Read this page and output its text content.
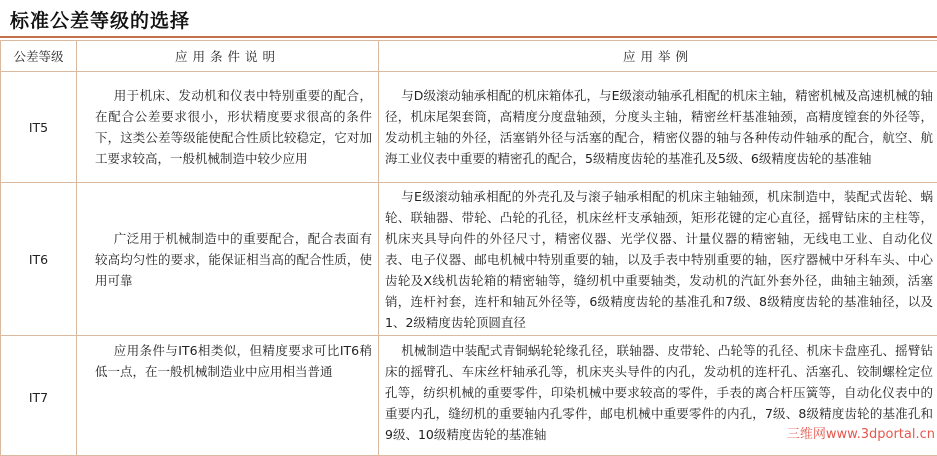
标准公差等级的选择
公差等级	应用条件说明	应用举例
IT5	用于机床、发动机和仪表中特别重要的配合，在配合公差要求很小，形状精度要求很高的条件下，这类公差等级能使配合性质比较稳定，它对加工要求较高，一般机械制造中较少应用	与D级滚动轴承相配的机床箱体孔，与E级滚动轴承孔相配的机床主轴，精密机械及高速机械的轴径，机床尾架套筒，高精度分度盘轴颈，分度头主轴，精密丝杆基准轴颈，高精度镗套的外径等，发动机主轴的外径，活塞销外径与活塞的配合，精密仪器的轴与各种传动件轴承的配合，航空、航海工业仪表中重要的精密孔的配合，5级精度齿轮的基准孔及5级、6级精度齿轮的基准轴
IT6	广泛用于机械制造中的重要配合，配合表面有较高均匀性的要求，能保证相当高的配合性质，使用可靠	与E级滚动轴承相配的外壳孔及与滚子轴承相配的机床主轴轴颈，机床制造中，装配式齿轮、蜗轮、联轴器、带轮、凸轮的孔径，机床丝杆支承轴颈，矩形花键的定心直径，摇臂钻床的主柱等，机床夹具导向件的外径尺寸，精密仪器、光学仪器、计量仪器的精密轴，无线电工业、自动化仪表、电子仪器、邮电机械中特别重要的轴，以及手表中特别重要的轴，医疗器械中牙科车头、中心齿轮及X线机齿轮箱的精密轴等，缝纫机中重要轴类，发动机的汽缸外套外径，曲轴主轴颈，活塞销，连杆衬套，连杆和轴瓦外径等，6级精度齿轮的基准孔和7级、8级精度齿轮的基准轴径，以及1、2级精度齿轮顶圆直径
IT7	应用条件与IT6相类似，但精度要求可比IT6稍低一点，在一般机械制造业中应用相当普通	机械制造中装配式青铜蜗轮轮缘孔径，联轴器、皮带轮、凸轮等的孔径、机床卡盘座孔、摇臂钻床的摇臂孔、车床丝杆轴承孔等，机床夹头导件的内孔，发动机的连杆孔、活塞孔、铰制螺栓定位孔等，纺织机械的重要零件，印染机械中要求较高的零件，手表的离合杆压簧等，自动化仪表中的重要内孔，缝纫机的重要轴内孔零件，邮电机械中重要零件的内孔，7级、8级精度齿轮的基准孔和9级、10级精度齿轮的基准轴	三维网www.3dportal.cn
